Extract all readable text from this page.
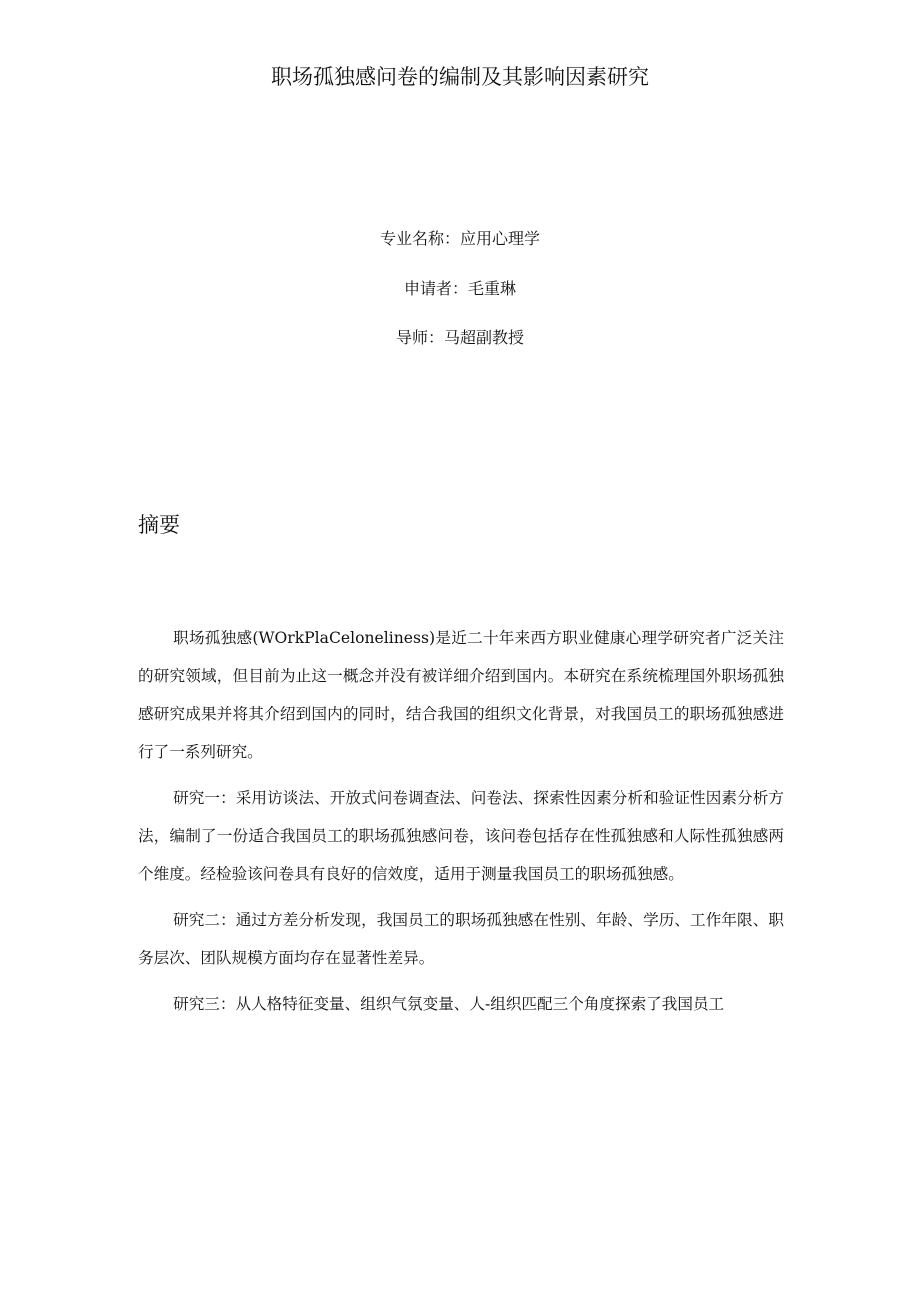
职场孤独感问卷的编制及其影响因素研究
专业名称：应用心理学
申请者：毛重琳
导师：马超副教授
摘要

职场孤独感(WOrkPlaCeloneliness)是近二十年来西方职业健康心理学研究者广泛关注的研究领域，但目前为止这一概念并没有被详细介绍到国内。本研究在系统梳理国外职场孤独感研究成果并将其介绍到国内的同时，结合我国的组织文化背景，对我国员工的职场孤独感进行了一系列研究。

研究一：采用访谈法、开放式问卷调查法、问卷法、探索性因素分析和验证性因素分析方法，编制了一份适合我国员工的职场孤独感问卷，该问卷包括存在性孤独感和人际性孤独感两个维度。经检验该问卷具有良好的信效度，适用于测量我国员工的职场孤独感。

研究二：通过方差分析发现，我国员工的职场孤独感在性别、年龄、学历、工作年限、职务层次、团队规模方面均存在显著性差异。

研究三：从人格特征变量、组织气氛变量、人-组织匹配三个角度探索了我国员工
